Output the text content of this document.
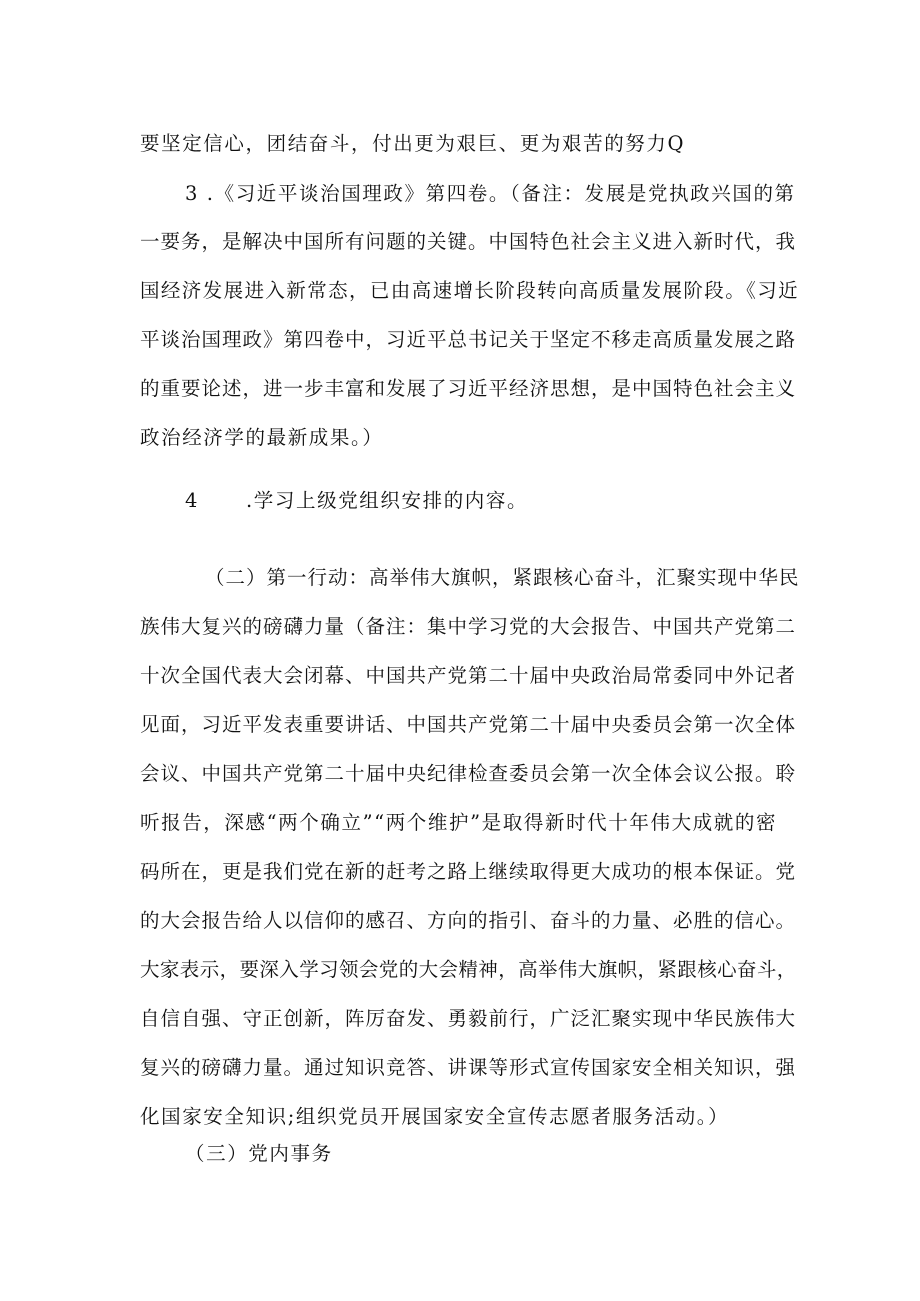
要坚定信心，团结奋斗，付出更为艰巨、更为艰苦的努力Q
3 .《习近平谈治国理政》第四卷。（备注：发展是党执政兴国的第
一要务，是解决中国所有问题的关键。中国特色社会主义进入新时代，我
国经济发展进入新常态，已由高速增长阶段转向高质量发展阶段。《习近
平谈治国理政》第四卷中，习近平总书记关于坚定不移走高质量发展之路
的重要论述，进一步丰富和发展了习近平经济思想，是中国特色社会主义
政治经济学的最新成果。）
4 .学习上级党组织安排的内容。
（二）第一行动：高举伟大旗帜，紧跟核心奋斗，汇聚实现中华民
族伟大复兴的磅礴力量（备注：集中学习党的大会报告、中国共产党第二
十次全国代表大会闭幕、中国共产党第二十届中央政治局常委同中外记者
见面，习近平发表重要讲话、中国共产党第二十届中央委员会第一次全体
会议、中国共产党第二十届中央纪律检查委员会第一次全体会议公报。聆
听报告，深感“两个确立”“两个维护”是取得新时代十年伟大成就的密
码所在，更是我们党在新的赶考之路上继续取得更大成功的根本保证。党
的大会报告给人以信仰的感召、方向的指引、奋斗的力量、必胜的信心。
大家表示，要深入学习领会党的大会精神，高举伟大旗帜，紧跟核心奋斗，
自信自强、守正创新，阵厉奋发、勇毅前行，广泛汇聚实现中华民族伟大
复兴的磅礴力量。通过知识竞答、讲课等形式宣传国家安全相关知识，强
化国家安全知识;组织党员开展国家安全宣传志愿者服务活动。）
（三）党内事务
